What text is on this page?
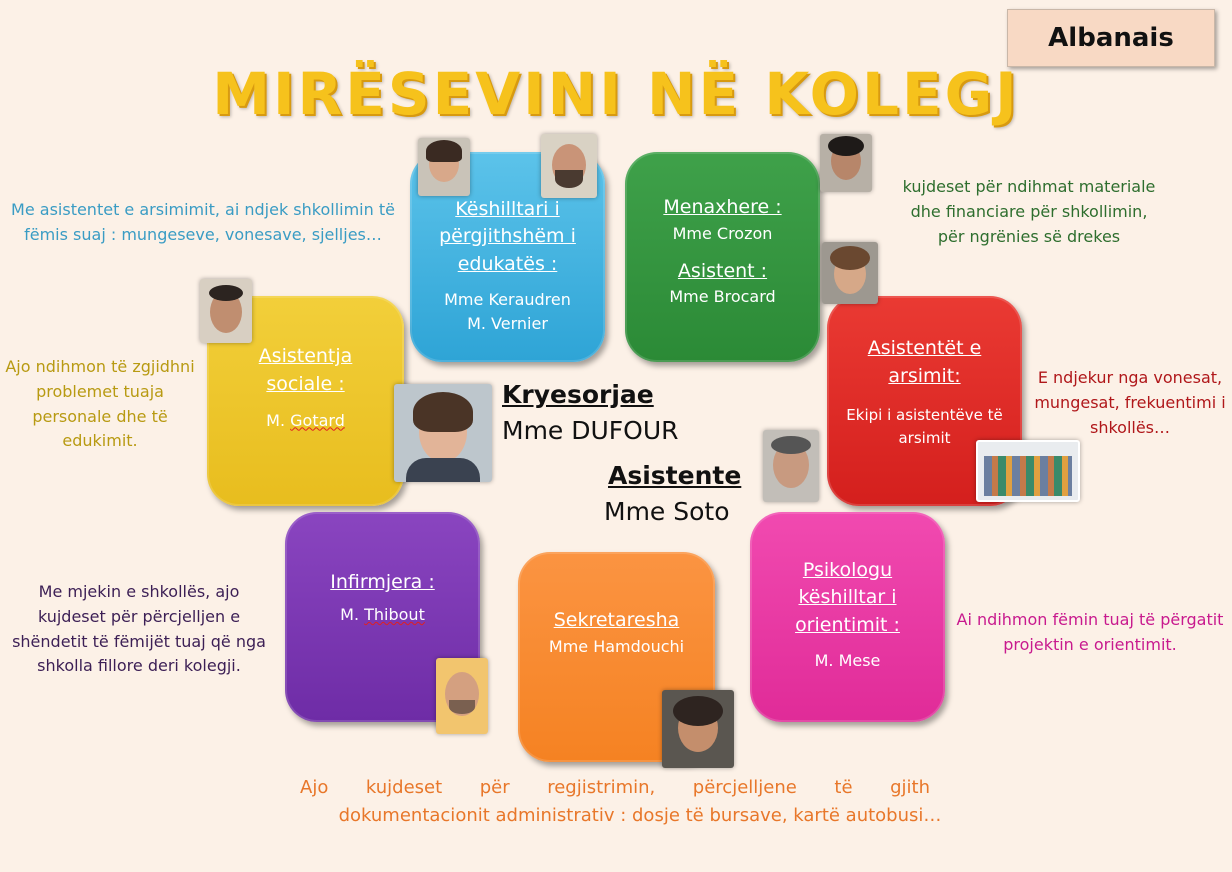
Albanais
MIRËSEVINI NË KOLEGJ
Këshilltari i përgjithshëm i edukatës :
Mme Keraudren
M. Vernier
Menaxhere :
Mme Crozon
Asistent :
Mme Brocard
Asistentja sociale :
M. Gotard
Asistentët e arsimit:
Ekipi i asistentëve të arsimit
Infirmjera :
M. Thibout	Sekretaresha
Mme Hamdouchi
Psikologu këshilltar i orientimit :
M. Mese
Kryesorjae
Mme DUFOUR
Asistente
Mme Soto
Me asistentet e arsimimit, ai ndjek shkollimin të fëmis suaj : mungeseve, vonesave, sjelljes…
kujdeset për ndihmat materiale dhe financiare për shkollimin, për ngrënies së drekes
Ajo ndihmon të zgjidhni problemet tuaja personale dhe të edukimit.
E ndjekur nga vonesat, mungesat, frekuentimi i shkollës…
Me mjekin e shkollës, ajo kujdeset për përcjelljen e shëndetit të fëmijët tuaj që nga shkolla fillore deri kolegji.
Ai ndihmon fëmin tuaj të përgatit projektin e orientimit.
Ajo kujdeset për regjistrimin, përcjelljene të gjith
dokumentacionit administrativ : dosje të bursave, kartë autobusi…
